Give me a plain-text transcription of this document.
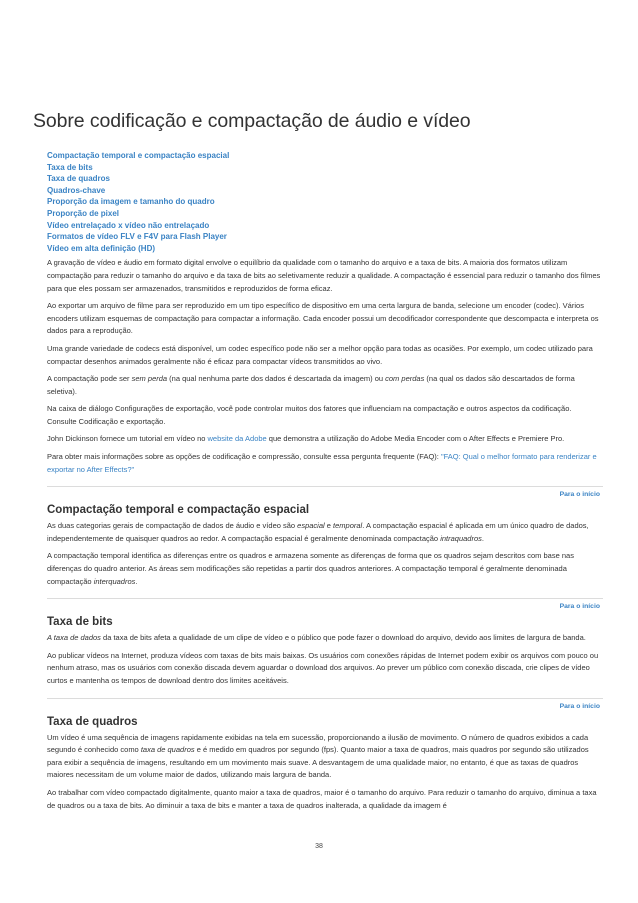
Sobre codificação e compactação de áudio e vídeo
Compactação temporal e compactação espacial
Taxa de bits
Taxa de quadros
Quadros-chave
Proporção da imagem e tamanho do quadro
Proporção de pixel
Vídeo entrelaçado x vídeo não entrelaçado
Formatos de vídeo FLV e F4V para Flash Player
Vídeo em alta definição (HD)

A gravação de vídeo e áudio em formato digital envolve o equilíbrio da qualidade com o tamanho do arquivo e a taxa de bits. A maioria dos formatos utilizam compactação para reduzir o tamanho do arquivo e da taxa de bits ao seletivamente reduzir a qualidade. A compactação é essencial para reduzir o tamanho dos filmes para que eles possam ser armazenados, transmitidos e reproduzidos de forma eficaz.

Ao exportar um arquivo de filme para ser reproduzido em um tipo específico de dispositivo em uma certa largura de banda, selecione um encoder (codec). Vários encoders utilizam esquemas de compactação para compactar a informação. Cada encoder possui um decodificador correspondente que descompacta e interpreta os dados para a reprodução.

Uma grande variedade de codecs está disponível, um codec específico pode não ser a melhor opção para todas as ocasiões. Por exemplo, um codec utilizado para compactar desenhos animados geralmente não é eficaz para compactar vídeos transmitidos ao vivo.

A compactação pode ser sem perda (na qual nenhuma parte dos dados é descartada da imagem) ou com perdas (na qual os dados são descartados de forma seletiva).

Na caixa de diálogo Configurações de exportação, você pode controlar muitos dos fatores que influenciam na compactação e outros aspectos da codificação. Consulte Codificação e exportação.

John Dickinson fornece um tutorial em vídeo no website da Adobe que demonstra a utilização do Adobe Media Encoder com o After Effects e Premiere Pro.

Para obter mais informações sobre as opções de codificação e compressão, consulte essa pergunta frequente (FAQ): "FAQ: Qual o melhor formato para renderizar e exportar no After Effects?"

Para o início
Compactação temporal e compactação espacial

As duas categorias gerais de compactação de dados de áudio e vídeo são espacial e temporal. A compactação espacial é aplicada em um único quadro de dados, independentemente de quaisquer quadros ao redor. A compactação espacial é geralmente denominada compactação intraquadros.

A compactação temporal identifica as diferenças entre os quadros e armazena somente as diferenças de forma que os quadros sejam descritos com base nas diferenças do quadro anterior. As áreas sem modificações são repetidas a partir dos quadros anteriores. A compactação temporal é geralmente denominada compactação interquadros.

Para o início
Taxa de bits

A taxa de dados da taxa de bits afeta a qualidade de um clipe de vídeo e o público que pode fazer o download do arquivo, devido aos limites de largura de banda.

Ao publicar vídeos na Internet, produza vídeos com taxas de bits mais baixas. Os usuários com conexões rápidas de Internet podem exibir os arquivos com pouco ou nenhum atraso, mas os usuários com conexão discada devem aguardar o download dos arquivos. Ao prever um público com conexão discada, crie clipes de vídeo curtos e mantenha os tempos de download dentro dos limites aceitáveis.

Para o início
Taxa de quadros

Um vídeo é uma sequência de imagens rapidamente exibidas na tela em sucessão, proporcionando a ilusão de movimento. O número de quadros exibidos a cada segundo é conhecido como taxa de quadros e é medido em quadros por segundo (fps). Quanto maior a taxa de quadros, mais quadros por segundo são utilizados para exibir a sequência de imagens, resultando em um movimento mais suave. A desvantagem de uma qualidade maior, no entanto, é que as taxas de quadros maiores necessitam de um volume maior de dados, utilizando mais largura de banda.

Ao trabalhar com vídeo compactado digitalmente, quanto maior a taxa de quadros, maior é o tamanho do arquivo. Para reduzir o tamanho do arquivo, diminua a taxa de quadros ou a taxa de bits. Ao diminuir a taxa de bits e manter a taxa de quadros inalterada, a qualidade da imagem é

38
